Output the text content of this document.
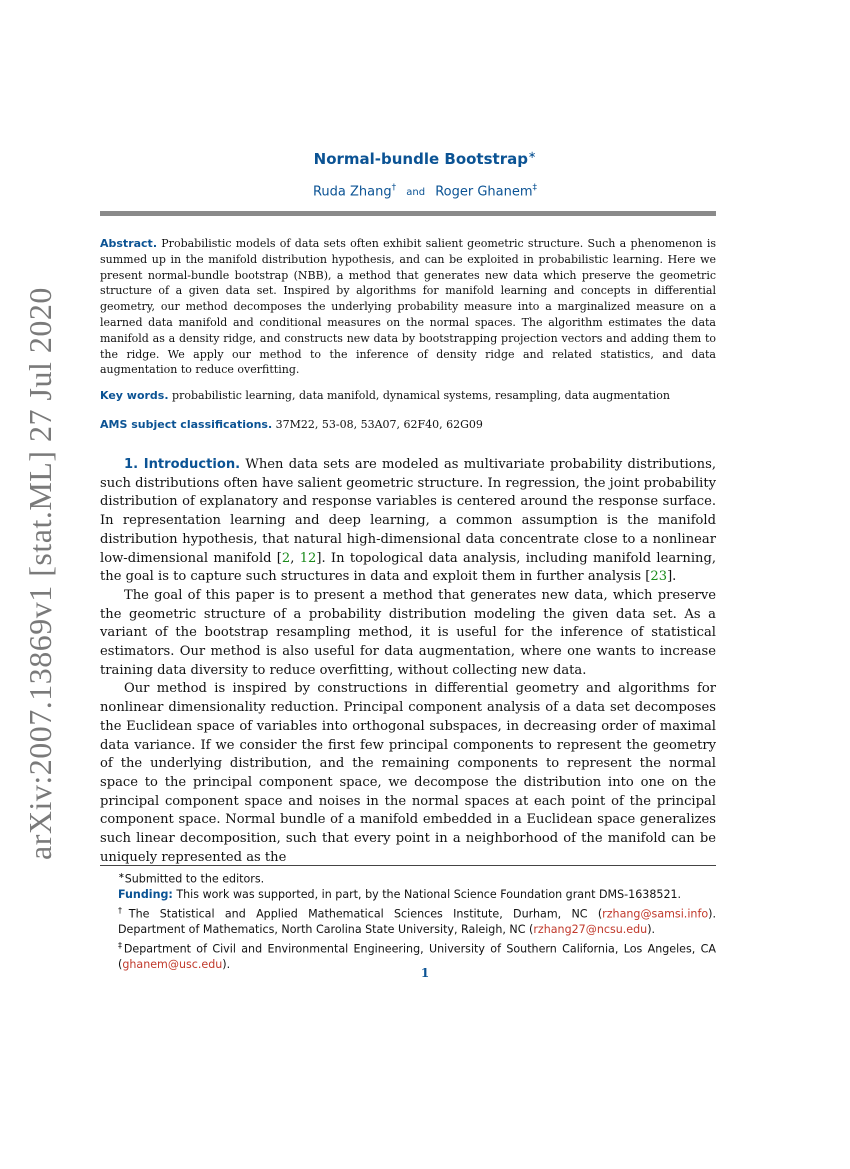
arXiv:2007.13869v1 [stat.ML] 27 Jul 2020
Normal-bundle Bootstrap∗
Ruda Zhang† and Roger Ghanem‡
Abstract. Probabilistic models of data sets often exhibit salient geometric structure. Such a phenomenon is summed up in the manifold distribution hypothesis, and can be exploited in probabilistic learning. Here we present normal-bundle bootstrap (NBB), a method that generates new data which preserve the geometric structure of a given data set. Inspired by algorithms for manifold learning and concepts in differential geometry, our method decomposes the underlying probability measure into a marginalized measure on a learned data manifold and conditional measures on the normal spaces. The algorithm estimates the data manifold as a density ridge, and constructs new data by bootstrapping projection vectors and adding them to the ridge. We apply our method to the inference of density ridge and related statistics, and data augmentation to reduce overfitting.
Key words. probabilistic learning, data manifold, dynamical systems, resampling, data augmentation
AMS subject classifications. 37M22, 53-08, 53A07, 62F40, 62G09

1. Introduction. When data sets are modeled as multivariate probability distributions, such distributions often have salient geometric structure. In regression, the joint probability distribution of explanatory and response variables is centered around the response surface. In representation learning and deep learning, a common assumption is the manifold distribution hypothesis, that natural high-dimensional data concentrate close to a nonlinear low-dimensional manifold [2, 12]. In topological data analysis, including manifold learning, the goal is to capture such structures in data and exploit them in further analysis [23].

The goal of this paper is to present a method that generates new data, which preserve the geometric structure of a probability distribution modeling the given data set. As a variant of the bootstrap resampling method, it is useful for the inference of statistical estimators. Our method is also useful for data augmentation, where one wants to increase training data diversity to reduce overfitting, without collecting new data.

Our method is inspired by constructions in differential geometry and algorithms for nonlinear dimensionality reduction. Principal component analysis of a data set decomposes the Euclidean space of variables into orthogonal subspaces, in decreasing order of maximal data variance. If we consider the first few principal components to represent the geometry of the underlying distribution, and the remaining components to represent the normal space to the principal component space, we decompose the distribution into one on the principal component space and noises in the normal spaces at each point of the principal component space. Normal bundle of a manifold embedded in a Euclidean space generalizes such linear decomposition, such that every point in a neighborhood of the manifold can be uniquely represented as the

∗Submitted to the editors.

Funding: This work was supported, in part, by the National Science Foundation grant DMS-1638521.

†The Statistical and Applied Mathematical Sciences Institute, Durham, NC (rzhang@samsi.info). Department of Mathematics, North Carolina State University, Raleigh, NC (rzhang27@ncsu.edu).

‡Department of Civil and Environmental Engineering, University of Southern California, Los Angeles, CA (ghanem@usc.edu).

1
